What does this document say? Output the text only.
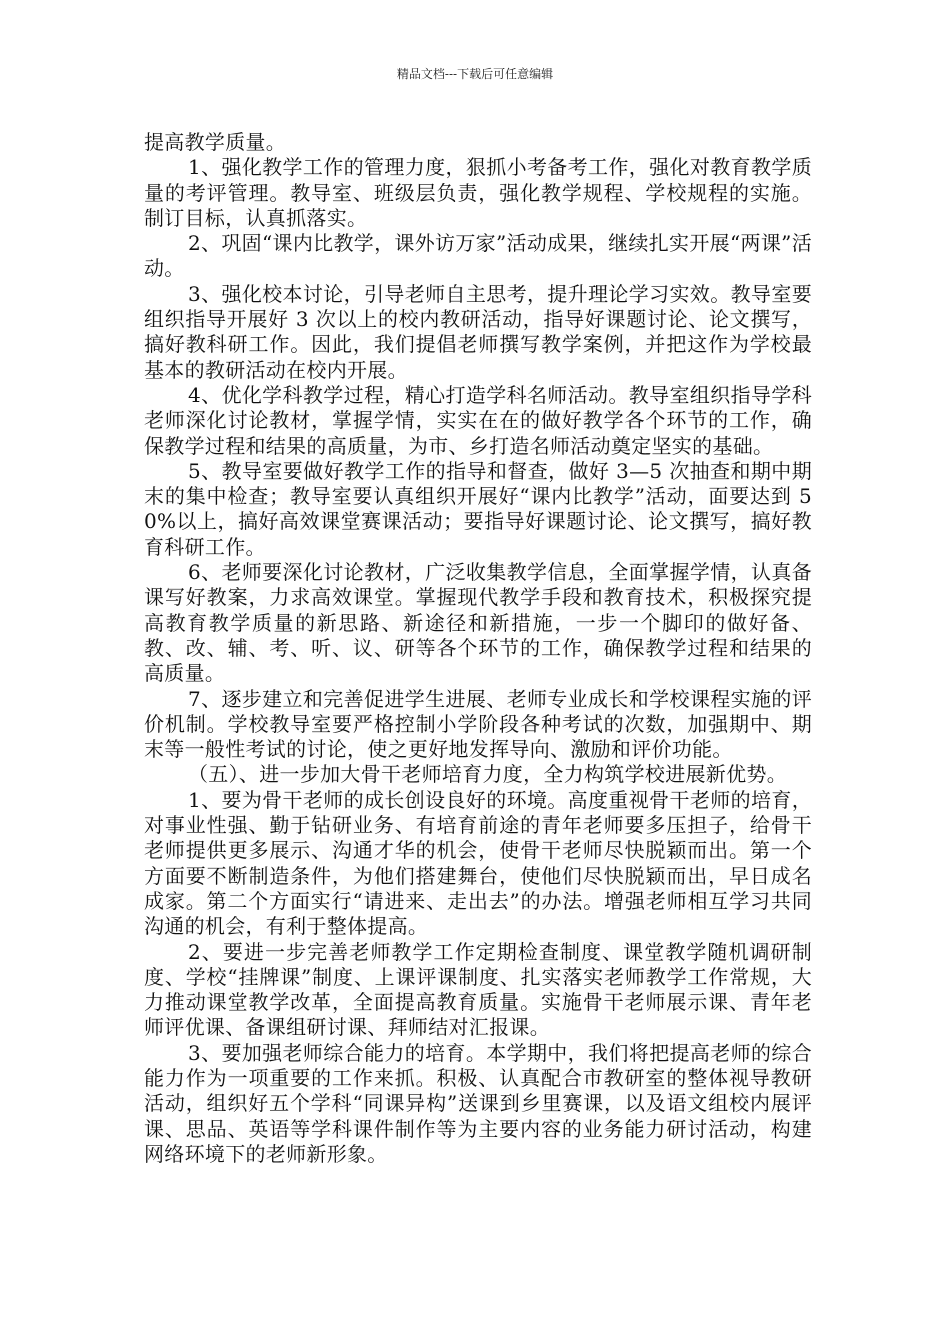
精品文档---下载后可任意编辑

提高教学质量。

1、强化教学工作的管理力度，狠抓小考备考工作，强化对教育教学质量的考评管理。教导室、班级层负责，强化教学规程、学校规程的实施。制订目标，认真抓落实。

2、巩固“课内比教学，课外访万家”活动成果，继续扎实开展“两课”活动。

3、强化校本讨论，引导老师自主思考，提升理论学习实效。教导室要组织指导开展好 3 次以上的校内教研活动，指导好课题讨论、论文撰写，搞好教科研工作。因此，我们提倡老师撰写教学案例，并把这作为学校最基本的教研活动在校内开展。

4、优化学科教学过程，精心打造学科名师活动。教导室组织指导学科老师深化讨论教材，掌握学情，实实在在的做好教学各个环节的工作，确保教学过程和结果的高质量，为市、乡打造名师活动奠定坚实的基础。

5、教导室要做好教学工作的指导和督查，做好 3—5 次抽查和期中期末的集中检查；教导室要认真组织开展好“课内比教学”活动，面要达到 50%以上，搞好高效课堂赛课活动；要指导好课题讨论、论文撰写，搞好教育科研工作。

6、老师要深化讨论教材，广泛收集教学信息，全面掌握学情，认真备课写好教案，力求高效课堂。掌握现代教学手段和教育技术，积极探究提高教育教学质量的新思路、新途径和新措施，一步一个脚印的做好备、教、改、辅、考、听、议、研等各个环节的工作，确保教学过程和结果的高质量。

7、逐步建立和完善促进学生进展、老师专业成长和学校课程实施的评价机制。学校教导室要严格控制小学阶段各种考试的次数，加强期中、期末等一般性考试的讨论，使之更好地发挥导向、激励和评价功能。

（五）、进一步加大骨干老师培育力度，全力构筑学校进展新优势。

1、要为骨干老师的成长创设良好的环境。高度重视骨干老师的培育，对事业性强、勤于钻研业务、有培育前途的青年老师要多压担子，给骨干老师提供更多展示、沟通才华的机会，使骨干老师尽快脱颖而出。第一个方面要不断制造条件，为他们搭建舞台，使他们尽快脱颖而出，早日成名成家。第二个方面实行“请进来、走出去”的办法。增强老师相互学习共同沟通的机会，有利于整体提高。

2、要进一步完善老师教学工作定期检查制度、课堂教学随机调研制度、学校“挂牌课”制度、上课评课制度、扎实落实老师教学工作常规，大力推动课堂教学改革，全面提高教育质量。实施骨干老师展示课、青年老师评优课、备课组研讨课、拜师结对汇报课。

3、要加强老师综合能力的培育。本学期中，我们将把提高老师的综合能力作为一项重要的工作来抓。积极、认真配合市教研室的整体视导教研活动，组织好五个学科“同课异构”送课到乡里赛课，以及语文组校内展评课、思品、英语等学科课件制作等为主要内容的业务能力研讨活动，构建网络环境下的老师新形象。
